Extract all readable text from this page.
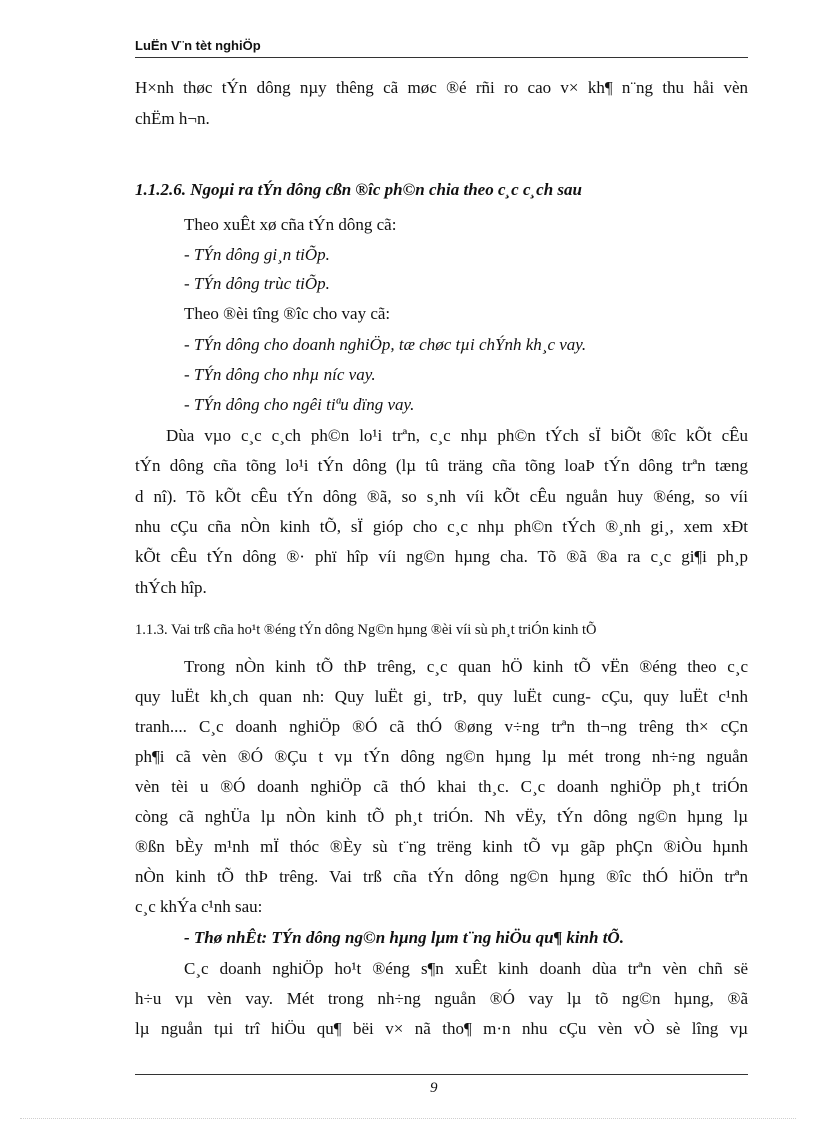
LuËn V¨n tèt nghiÖp
H×nh thøc tÝn dông nµy thêng cã møc ®é rñi ro cao v× kh¶ n¨ng thu håi vèn
chËm h¬n.
1.1.2.6. Ngoµi ra tÝn dông cßn ®îc ph©n chia theo c¸c c¸ch sau
Theo xuÊt xø cña tÝn dông cã:
- TÝn dông gi¸n tiÕp.
- TÝn dông trùc tiÕp.
Theo ®èi tîng ®îc cho vay cã:
- TÝn dông cho doanh nghiÖp, tæ chøc tµi chÝnh kh¸c vay.
- TÝn dông cho nhµ níc vay.
- TÝn dông cho ngêi tiªu dïng vay.
Dùa vµo c¸c c¸ch ph©n lo¹i trªn, c¸c nhµ ph©n tÝch sÏ biÕt ®îc kÕt cÊu
tÝn dông cña tõng lo¹i tÝn dông (lµ tû träng cña tõng loaÞ tÝn dông trªn tæng
d nî). Tõ kÕt cÊu tÝn dông ®ã, so s¸nh víi kÕt cÊu nguån huy ®éng, so víi
nhu cÇu cña nÒn kinh tÕ, sÏ gióp cho c¸c nhµ ph©n tÝch ®¸nh gi¸, xem xÐt
kÕt cÊu tÝn dông ®· phï hîp víi ng©n hµng cha. Tõ ®ã ®a ra c¸c gi¶i ph¸p
thÝch hîp.
1.1.3. Vai trß cña ho¹t ®éng tÝn dông Ng©n hµng ®èi víi sù ph¸t triÓn kinh tÕ
Trong nÒn kinh tÕ thÞ trêng, c¸c quan hÖ kinh tÕ vËn ®éng theo c¸c
quy luËt kh¸ch quan nh: Quy luËt gi¸ trÞ, quy luËt cung- cÇu, quy luËt c¹nh
tranh.... C¸c doanh nghiÖp ®Ó cã thÓ ®øng v÷ng trªn th¬ng trêng th× cÇn
ph¶i cã vèn ®Ó ®Çu t vµ tÝn dông ng©n hµng lµ mét trong nh÷ng nguån
vèn tèi u ®Ó doanh nghiÖp cã thÓ khai th¸c. C¸c doanh nghiÖp ph¸t triÓn
còng cã nghÜa lµ nÒn kinh tÕ ph¸t triÓn. Nh vËy, tÝn dông ng©n hµng lµ
®ßn bÈy m¹nh mÏ thóc ®Èy sù t¨ng trëng kinh tÕ vµ gãp phÇn ®iÒu hµnh
nÒn kinh tÕ thÞ trêng. Vai trß cña tÝn dông ng©n hµng ®îc thÓ hiÖn trªn
c¸c khÝa c¹nh sau:
- Thø nhÊt: TÝn dông ng©n hµng lµm t¨ng hiÖu qu¶ kinh tÕ.
C¸c doanh nghiÖp ho¹t ®éng s¶n xuÊt kinh doanh dùa trªn vèn chñ së
h÷u vµ vèn vay. Mét trong nh÷ng nguån ®Ó vay lµ tõ ng©n hµng, ®ã
lµ nguån tµi trî hiÖu qu¶ bëi v× nã tho¶ m·n nhu cÇu vèn vÒ sè lîng vµ
9
